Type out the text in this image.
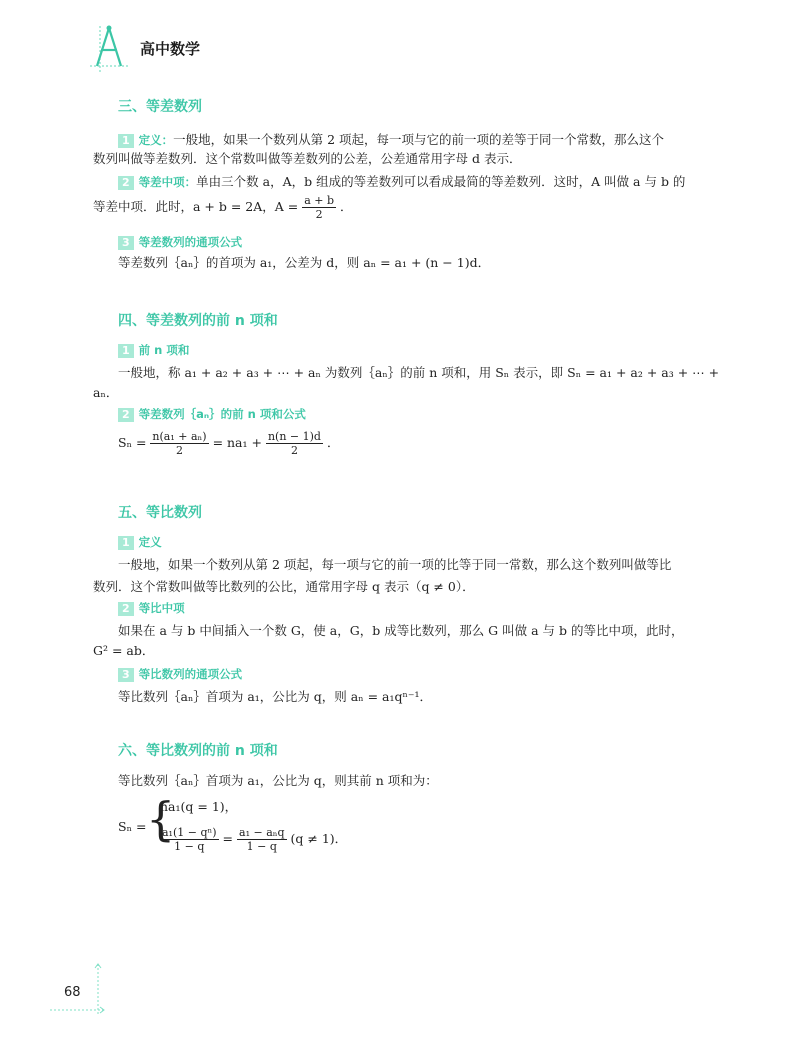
高中数学
三、等差数列
1 定义：一般地，如果一个数列从第 2 项起，每一项与它的前一项的差等于同一个常数，那么这个
数列叫做等差数列．这个常数叫做等差数列的公差，公差通常用字母 d 表示．
2 等差中项：单由三个数 a，A，b 组成的等差数列可以看成最简的等差数列．这时，A 叫做 a 与 b 的
等差中项．此时，a + b = 2A，$A = \frac{a + b}{2}$ ．
3 等差数列的通项公式
等差数列｛aₙ｝的首项为 a₁，公差为 d，则 aₙ = a₁ + (n − 1)d．
四、等差数列的前 n 项和
1 前 n 项和
一般地，称 a₁ + a₂ + a₃ + ⋯ + aₙ 为数列｛aₙ｝的前 n 项和，用 Sₙ 表示，即 Sₙ = a₁ + a₂ + a₃ + ⋯ +
aₙ．
2 等差数列｛aₙ｝的前 n 项和公式
$S_n = \frac{\text{n(a₁ + aₙ)}}{2} = na_1 + \frac{n(n - 1)d}{2}$ ．
五、等比数列
1 定义
一般地，如果一个数列从第 2 项起，每一项与它的前一项的比等于同一常数，那么这个数列叫做等比
数列．这个常数叫做等比数列的公比，通常用字母 q 表示（q ≠ 0）．
2 等比中项
如果在 a 与 b 中间插入一个数 G，使 a，G，b 成等比数列，那么 G 叫做 a 与 b 的等比中项，此时，
G² = ab．
3 等比数列的通项公式
等比数列｛aₙ｝首项为 a₁，公比为 q，则 aₙ = a₁qⁿ⁻¹．
六、等比数列的前 n 项和
等比数列｛aₙ｝首项为 a₁，公比为 q，则其前 n 项和为：
Sₙ = {
na₁(q = 1)，
$\frac{\text{a₁(1 − qⁿ)}}{1 - q} = \frac{\text{a₁ − aₙq}}{1 - q} (q \ne 1)$．
68
